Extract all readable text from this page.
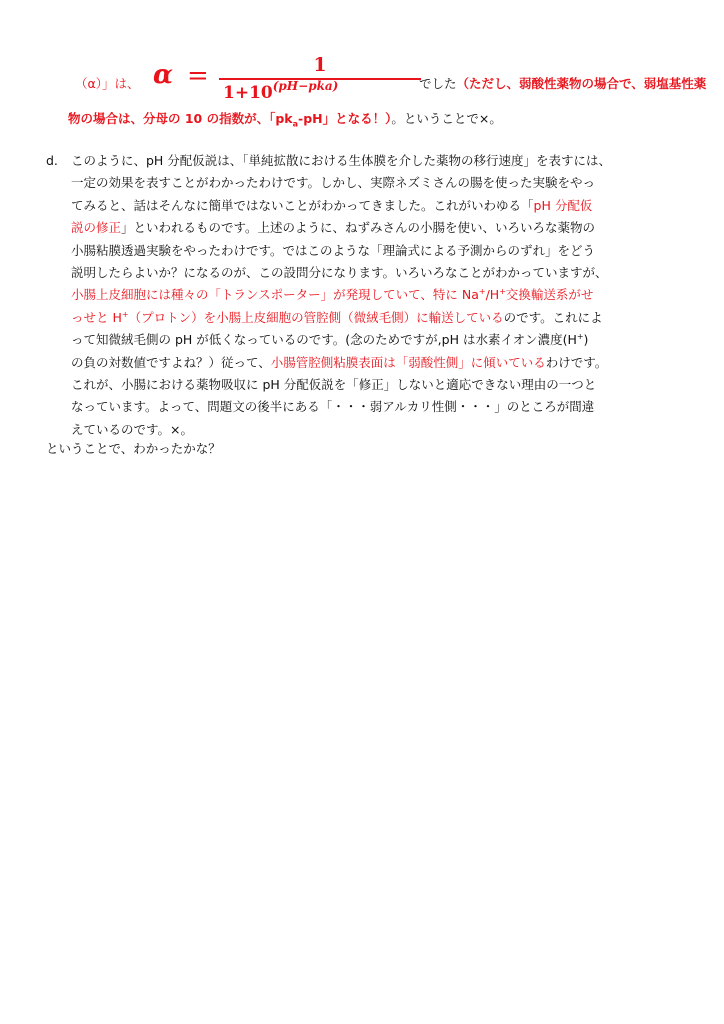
（α）」は、 α =	1
$1+10^{(pH-pka)}$	でした（ただし、弱酸性薬物の場合で、弱塩基性薬
物の場合は、分母の 10 の指数が、「$pk_a-pH$」となる！）。ということで×。
d. このように、pH 分配仮説は、「単純拡散における生体膜を介した薬物の移行速度」を表すには、
一定の効果を表すことがわかったわけです。しかし、実際ネズミさんの腸を使った実験をやっ
てみると、話はそんなに簡単ではないことがわかってきました。これがいわゆる「pH 分配仮
説の修正」といわれるものです。上述のように、ねずみさんの小腸を使い、いろいろな薬物の
小腸粘膜透過実験をやったわけです。ではこのような「理論式による予測からのずれ」をどう
説明したらよいか？になるのが、この設問分になります。いろいろなことがわかっていますが、
小腸上皮細胞には種々の「トランスポーター」が発現していて、特に Na+/H+交換輸送系がせ
っせと H+（プロトン）を小腸上皮細胞の管腔側（微絨毛側）に輸送しているのです。これによ
って知微絨毛側の pH が低くなっているのです。(念のためですが,pH は水素イオン濃度(H+)
の負の対数値ですよね？）従って、小腸管腔側粘膜表面は「弱酸性側」に傾いているわけです。
これが、小腸における薬物吸収に pH 分配仮説を「修正」しないと適応できない理由の一つと
なっています。よって、問題文の後半にある「・・・弱アルカリ性側・・・」のところが間違
えているのです。×。
ということで、わかったかな？
